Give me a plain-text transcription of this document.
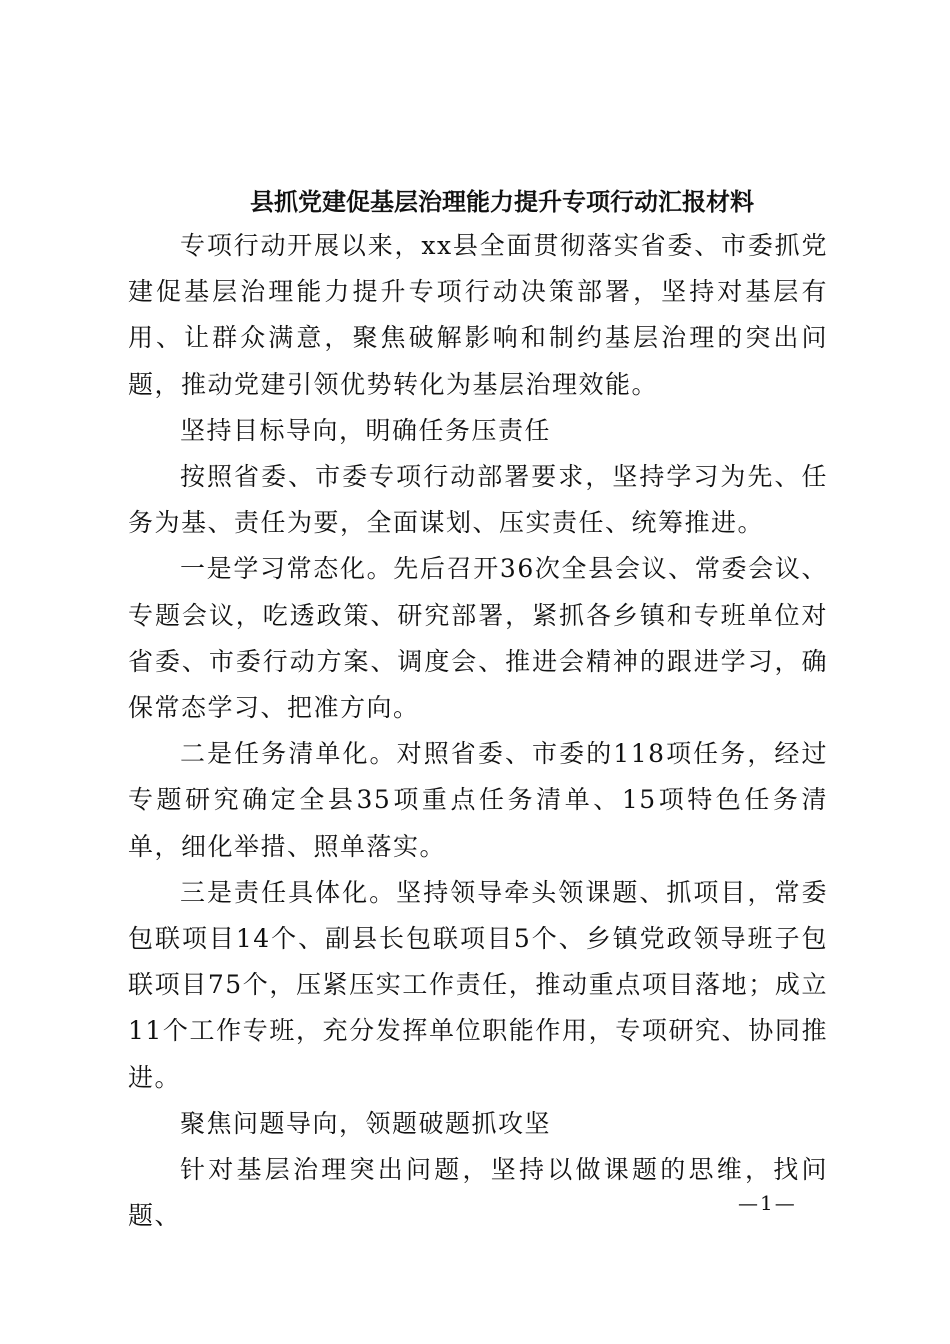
县抓党建促基层治理能力提升专项行动汇报材料

专项行动开展以来，xx县全面贯彻落实省委、市委抓党建促基层治理能力提升专项行动决策部署，坚持对基层有用、让群众满意，聚焦破解影响和制约基层治理的突出问题，推动党建引领优势转化为基层治理效能。

坚持目标导向，明确任务压责任

按照省委、市委专项行动部署要求，坚持学习为先、任务为基、责任为要，全面谋划、压实责任、统筹推进。

一是学习常态化。先后召开36次全县会议、常委会议、专题会议，吃透政策、研究部署，紧抓各乡镇和专班单位对省委、市委行动方案、调度会、推进会精神的跟进学习，确保常态学习、把准方向。

二是任务清单化。对照省委、市委的118项任务，经过专题研究确定全县35项重点任务清单、15项特色任务清单，细化举措、照单落实。

三是责任具体化。坚持领导牵头领课题、抓项目，常委包联项目14个、副县长包联项目5个、乡镇党政领导班子包联项目75个，压紧压实工作责任，推动重点项目落地；成立11个工作专班，充分发挥单位职能作用，专项研究、协同推进。

聚焦问题导向，领题破题抓攻坚

针对基层治理突出问题，坚持以做课题的思维，找问题、	—1—
